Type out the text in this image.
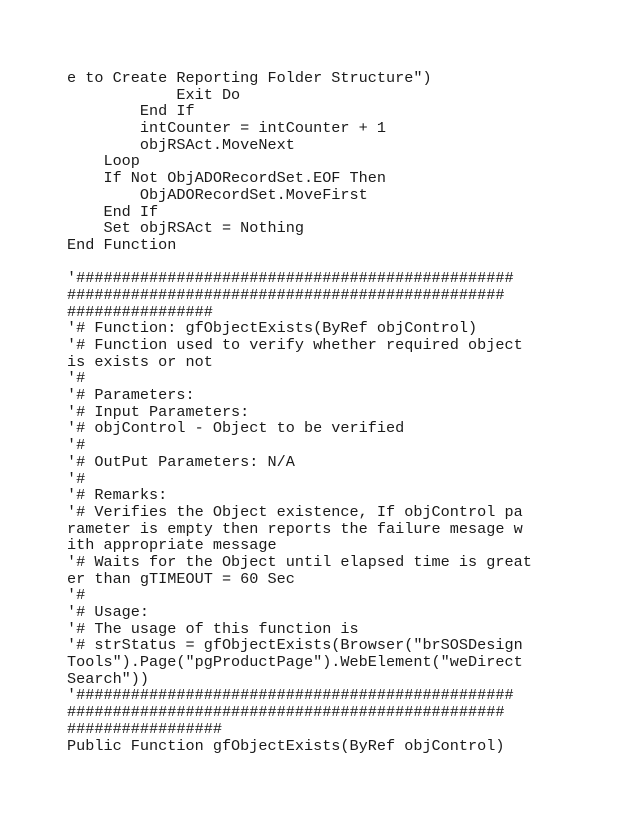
e to Create Reporting Folder Structure")
Exit Do
End If
intCounter = intCounter + 1
objRSAct.MoveNext
Loop
If Not ObjADORecordSet.EOF Then
ObjADORecordSet.MoveFirst
End If
Set objRSAct = Nothing
End Function
'################################################
################################################
################
'# Function: gfObjectExists(ByRef objControl)
'# Function used to verify whether required object
is exists or not
'#
'# Parameters:
'# Input Parameters:
'# objControl - Object to be verified
'#
'# OutPut Parameters: N/A
'#
'# Remarks:
'# Verifies the Object existence, If objControl pa
rameter is empty then reports the failure mesage w
ith appropriate message
'# Waits for the Object until elapsed time is great
er than gTIMEOUT = 60 Sec
'#
'# Usage:
'# The usage of this function is
'# strStatus = gfObjectExists(Browser("brSOSDesign
Tools").Page("pgProductPage").WebElement("weDirect
Search"))
'################################################
################################################
#################
Public Function gfObjectExists(ByRef objControl)
